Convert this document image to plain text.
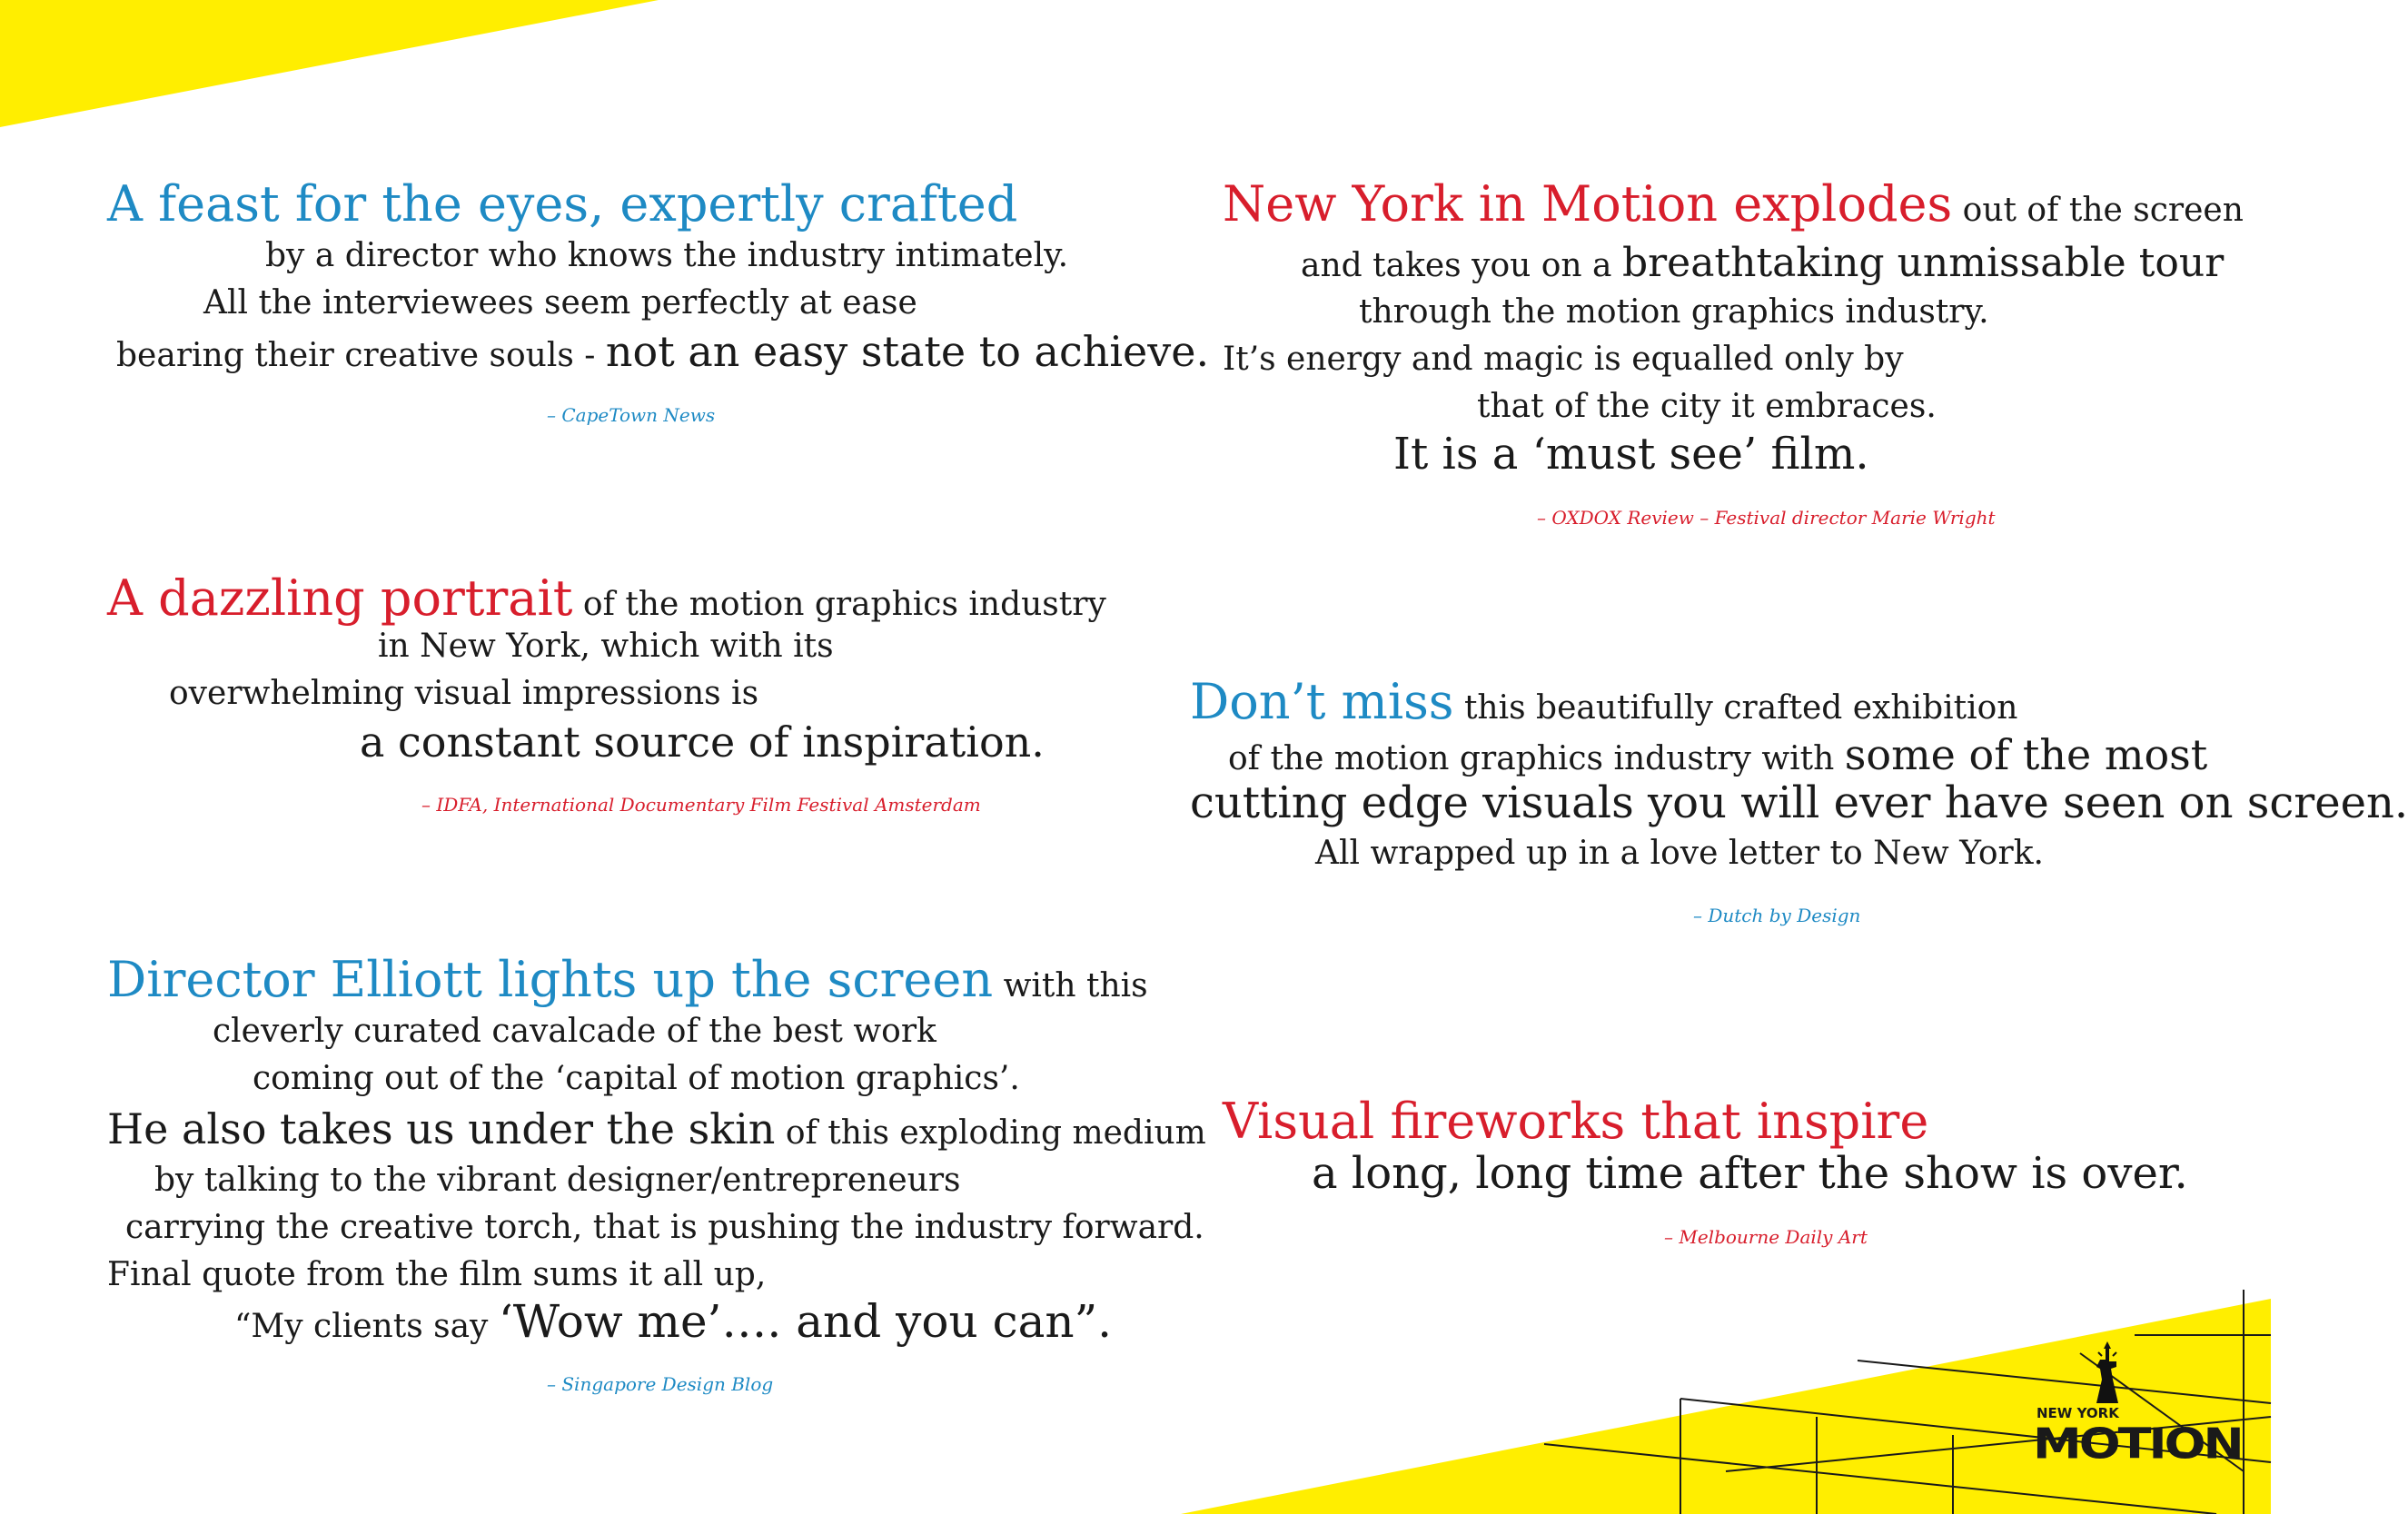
A feast for the eyes, expertly crafted
by a director who knows the industry intimately.
All the interviewees seem perfectly at ease
bearing their creative souls - not an easy state to achieve.
– CapeTown News
A dazzling portrait of the motion graphics industry
in New York, which with its
overwhelming visual impressions is
a constant source of inspiration.
– IDFA, International Documentary Film Festival Amsterdam
Director Elliott lights up the screen with this
cleverly curated cavalcade of the best work
coming out of the ‘capital of motion graphics’.
He also takes us under the skin of this exploding medium
by talking to the vibrant designer/entrepreneurs
carrying the creative torch, that is pushing the industry forward.
Final quote from the film sums it all up,
“My clients say ‘Wow me’…. and you can”.
– Singapore Design Blog
New York in Motion explodes out of the screen
and takes you on a breathtaking unmissable tour
through the motion graphics industry.
It’s energy and magic is equalled only by
that of the city it embraces.
It is a ‘must see’ film.
– OXDOX Review – Festival director Marie Wright
Don’t miss this beautifully crafted exhibition
of the motion graphics industry with some of the most
cutting edge visuals you will ever have seen on screen.
All wrapped up in a love letter to New York.
– Dutch by Design
Visual fireworks that inspire
a long, long time after the show is over.
– Melbourne Daily Art
NEW YORK
MOTION
